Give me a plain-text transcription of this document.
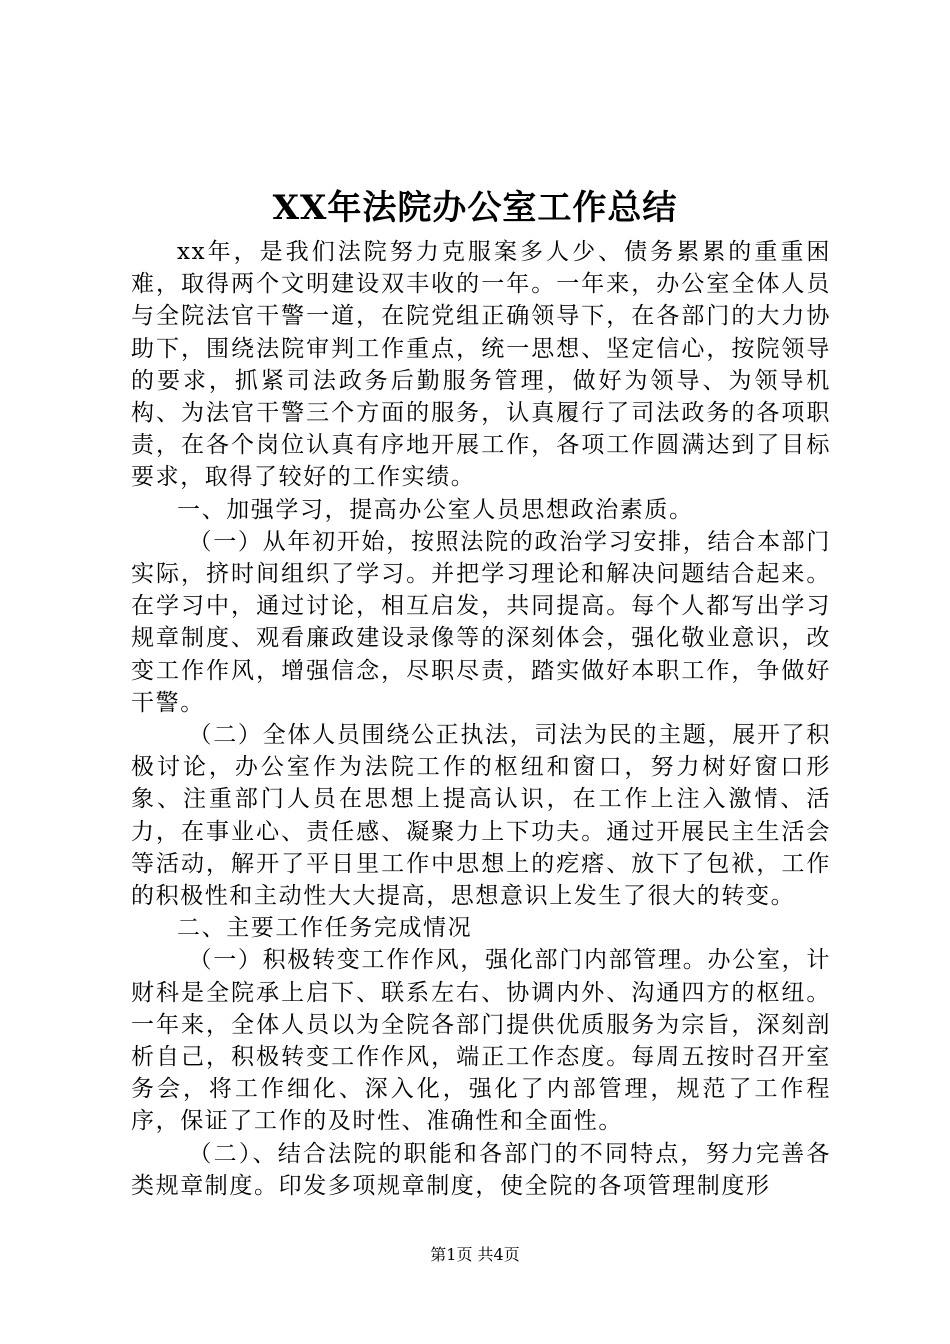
XX年法院办公室工作总结

xx年，是我们法院努力克服案多人少、债务累累的重重困难，取得两个文明建设双丰收的一年。一年来，办公室全体人员与全院法官干警一道，在院党组正确领导下，在各部门的大力协助下，围绕法院审判工作重点，统一思想、坚定信心，按院领导的要求，抓紧司法政务后勤服务管理，做好为领导、为领导机构、为法官干警三个方面的服务，认真履行了司法政务的各项职责，在各个岗位认真有序地开展工作，各项工作圆满达到了目标要求，取得了较好的工作实绩。

一、加强学习，提高办公室人员思想政治素质。

（一）从年初开始，按照法院的政治学习安排，结合本部门实际，挤时间组织了学习。并把学习理论和解决问题结合起来。在学习中，通过讨论，相互启发，共同提高。每个人都写出学习规章制度、观看廉政建设录像等的深刻体会，强化敬业意识，改变工作作风，增强信念，尽职尽责，踏实做好本职工作，争做好干警。

（二）全体人员围绕公正执法，司法为民的主题，展开了积极讨论，办公室作为法院工作的枢纽和窗口，努力树好窗口形象、注重部门人员在思想上提高认识，在工作上注入激情、活力，在事业心、责任感、凝聚力上下功夫。通过开展民主生活会等活动，解开了平日里工作中思想上的疙瘩、放下了包袱，工作的积极性和主动性大大提高，思想意识上发生了很大的转变。

二、主要工作任务完成情况

（一）积极转变工作作风，强化部门内部管理。办公室，计财科是全院承上启下、联系左右、协调内外、沟通四方的枢纽。一年来，全体人员以为全院各部门提供优质服务为宗旨，深刻剖析自己，积极转变工作作风，端正工作态度。每周五按时召开室务会，将工作细化、深入化，强化了内部管理，规范了工作程序，保证了工作的及时性、准确性和全面性。

（二）、结合法院的职能和各部门的不同特点，努力完善各类规章制度。印发多项规章制度，使全院的各项管理制度形

第1页 共4页
